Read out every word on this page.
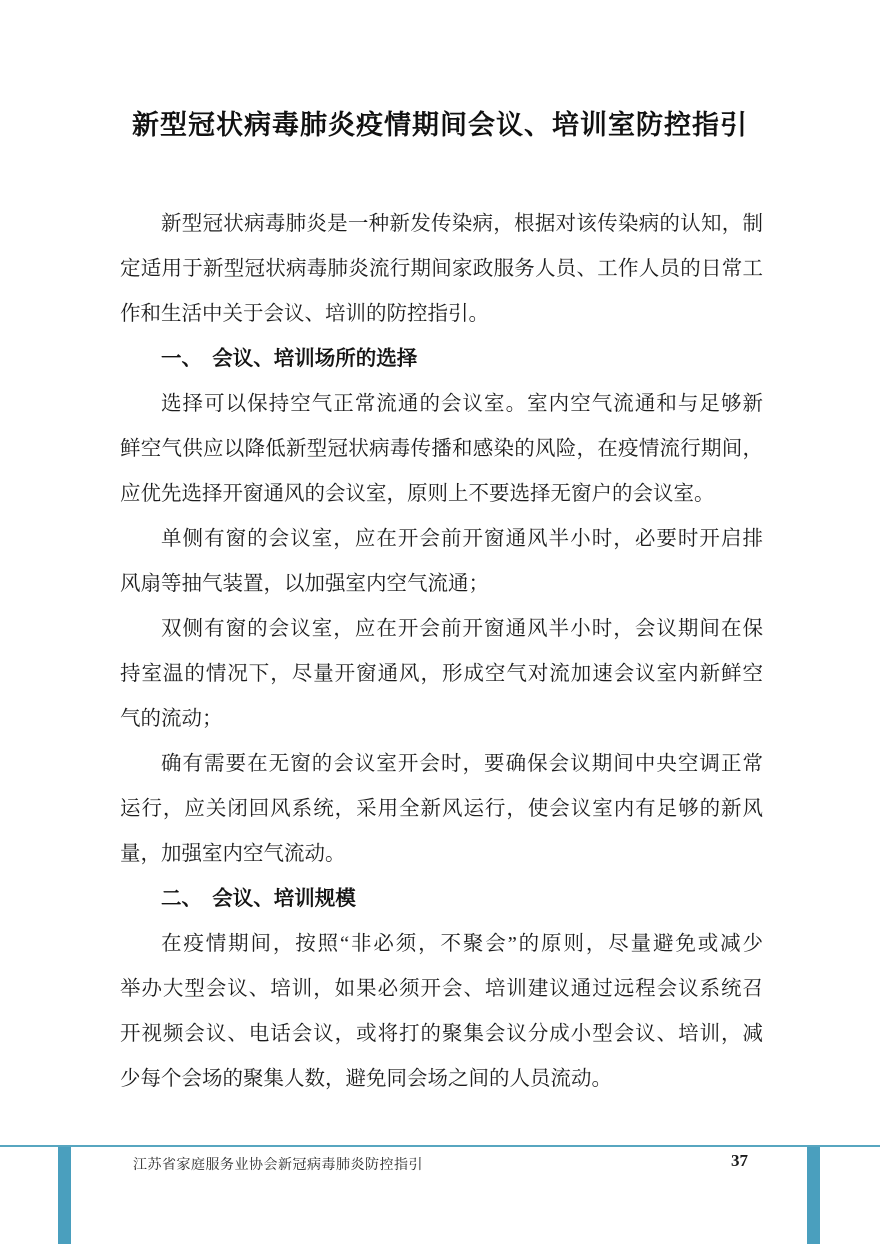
新型冠状病毒肺炎疫情期间会议、培训室防控指引
新型冠状病毒肺炎是一种新发传染病，根据对该传染病的认知，制
定适用于新型冠状病毒肺炎流行期间家政服务人员、工作人员的日常工
作和生活中关于会议、培训的防控指引。
一、　会议、培训场所的选择
选择可以保持空气正常流通的会议室。室内空气流通和与足够新
鲜空气供应以降低新型冠状病毒传播和感染的风险，在疫情流行期间，
应优先选择开窗通风的会议室，原则上不要选择无窗户的会议室。
单侧有窗的会议室，应在开会前开窗通风半小时，必要时开启排
风扇等抽气装置，以加强室内空气流通；
双侧有窗的会议室，应在开会前开窗通风半小时，会议期间在保
持室温的情况下，尽量开窗通风，形成空气对流加速会议室内新鲜空
气的流动；
确有需要在无窗的会议室开会时，要确保会议期间中央空调正常
运行，应关闭回风系统，采用全新风运行，使会议室内有足够的新风
量，加强室内空气流动。
二、　会议、培训规模
在疫情期间，按照“非必须，不聚会”的原则，尽量避免或减少
举办大型会议、培训，如果必须开会、培训建议通过远程会议系统召
开视频会议、电话会议，或将打的聚集会议分成小型会议、培训，减
少每个会场的聚集人数，避免同会场之间的人员流动。
江苏省家庭服务业协会新冠病毒肺炎防控指引	37
